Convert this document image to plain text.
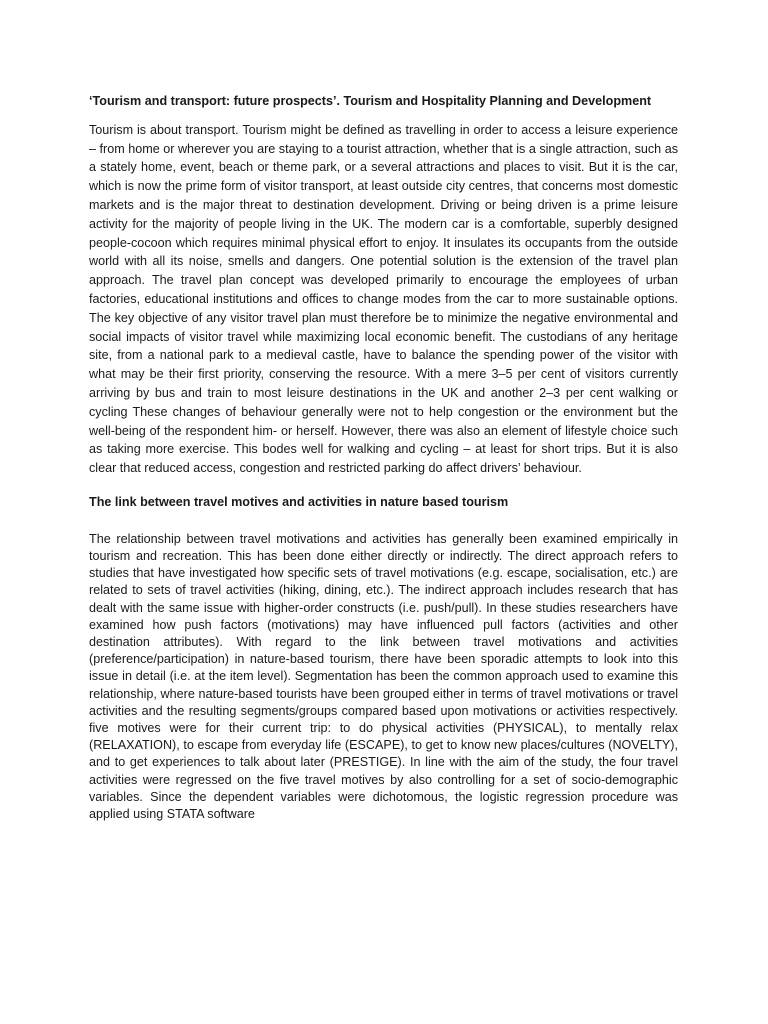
‘Tourism and transport: future prospects’. Tourism and Hospitality Planning and Development

Tourism is about transport. Tourism might be defined as travelling in order to access a leisure experience – from home or wherever you are staying to a tourist attraction, whether that is a single attraction, such as a stately home, event, beach or theme park, or a several attractions and places to visit. But it is the car, which is now the prime form of visitor transport, at least outside city centres, that concerns most domestic markets and is the major threat to destination development. Driving or being driven is a prime leisure activity for the majority of people living in the UK. The modern car is a comfortable, superbly designed people-cocoon which requires minimal physical effort to enjoy. It insulates its occupants from the outside world with all its noise, smells and dangers. One potential solution is the extension of the travel plan approach. The travel plan concept was developed primarily to encourage the employees of urban factories, educational institutions and offices to change modes from the car to more sustainable options. The key objective of any visitor travel plan must therefore be to minimize the negative environmental and social impacts of visitor travel while maximizing local economic benefit. The custodians of any heritage site, from a national park to a medieval castle, have to balance the spending power of the visitor with what may be their first priority, conserving the resource. With a mere 3–5 per cent of visitors currently arriving by bus and train to most leisure destinations in the UK and another 2–3 per cent walking or cycling These changes of behaviour generally were not to help congestion or the environment but the well-being of the respondent him- or herself. However, there was also an element of lifestyle choice such as taking more exercise. This bodes well for walking and cycling – at least for short trips. But it is also clear that reduced access, congestion and restricted parking do affect drivers’ behaviour.

The link between travel motives and activities in nature based tourism

The relationship between travel motivations and activities has generally been examined empirically in tourism and recreation. This has been done either directly or indirectly. The direct approach refers to studies that have investigated how specific sets of travel motivations (e.g. escape, socialisation, etc.) are related to sets of travel activities (hiking, dining, etc.). The indirect approach includes research that has dealt with the same issue with higher-order constructs (i.e. push/pull). In these studies researchers have examined how push factors (motivations) may have influenced pull factors (activities and other destination attributes). With regard to the link between travel motivations and activities (preference/participation) in nature-based tourism, there have been sporadic attempts to look into this issue in detail (i.e. at the item level). Segmentation has been the common approach used to examine this relationship, where nature-based tourists have been grouped either in terms of travel motivations or travel activities and the resulting segments/groups compared based upon motivations or activities respectively. five motives were for their current trip: to do physical activities (PHYSICAL), to mentally relax (RELAXATION), to escape from everyday life (ESCAPE), to get to know new places/cultures (NOVELTY), and to get experiences to talk about later (PRESTIGE). In line with the aim of the study, the four travel activities were regressed on the five travel motives by also controlling for a set of socio-demographic variables. Since the dependent variables were dichotomous, the logistic regression procedure was applied using STATA software
